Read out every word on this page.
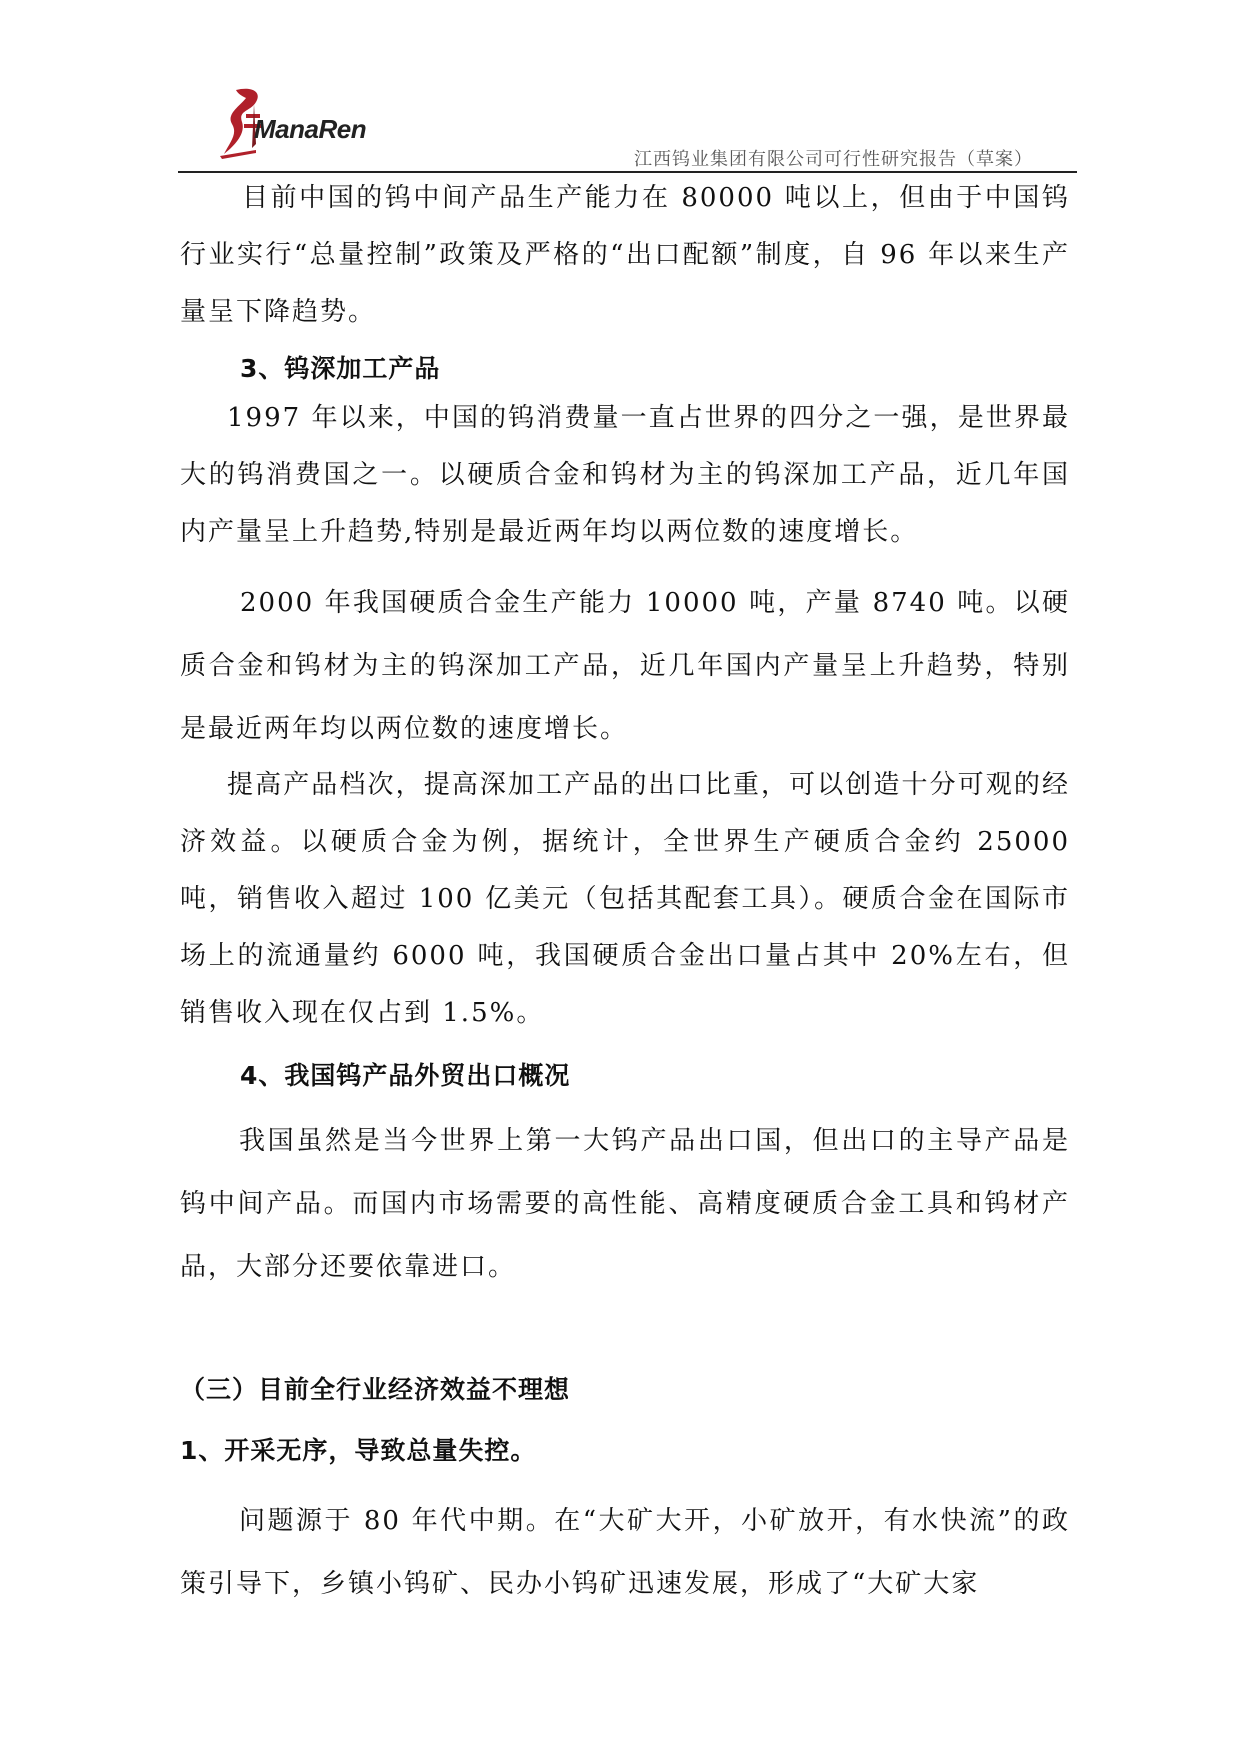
ManaRen
江西钨业集团有限公司可行性研究报告（草案）

目前中国的钨中间产品生产能力在 80000 吨以上，但由于中国钨行业实行“总量控制”政策及严格的“出口配额”制度，自 96 年以来生产量呈下降趋势。

3、钨深加工产品

1997 年以来，中国的钨消费量一直占世界的四分之一强，是世界最大的钨消费国之一。以硬质合金和钨材为主的钨深加工产品，近几年国内产量呈上升趋势,特别是最近两年均以两位数的速度增长。

2000 年我国硬质合金生产能力 10000 吨，产量 8740 吨。以硬质合金和钨材为主的钨深加工产品，近几年国内产量呈上升趋势，特别是最近两年均以两位数的速度增长。

提高产品档次，提高深加工产品的出口比重，可以创造十分可观的经济效益。以硬质合金为例，据统计，全世界生产硬质合金约 25000 吨，销售收入超过 100 亿美元（包括其配套工具）。硬质合金在国际市场上的流通量约 6000 吨，我国硬质合金出口量占其中 20%左右，但销售收入现在仅占到 1.5%。

4、我国钨产品外贸出口概况

我国虽然是当今世界上第一大钨产品出口国，但出口的主导产品是钨中间产品。而国内市场需要的高性能、高精度硬质合金工具和钨材产品，大部分还要依靠进口。

（三）目前全行业经济效益不理想
1、开采无序，导致总量失控。

问题源于 80 年代中期。在“大矿大开，小矿放开，有水快流”的政策引导下，乡镇小钨矿、民办小钨矿迅速发展，形成了“大矿大家
